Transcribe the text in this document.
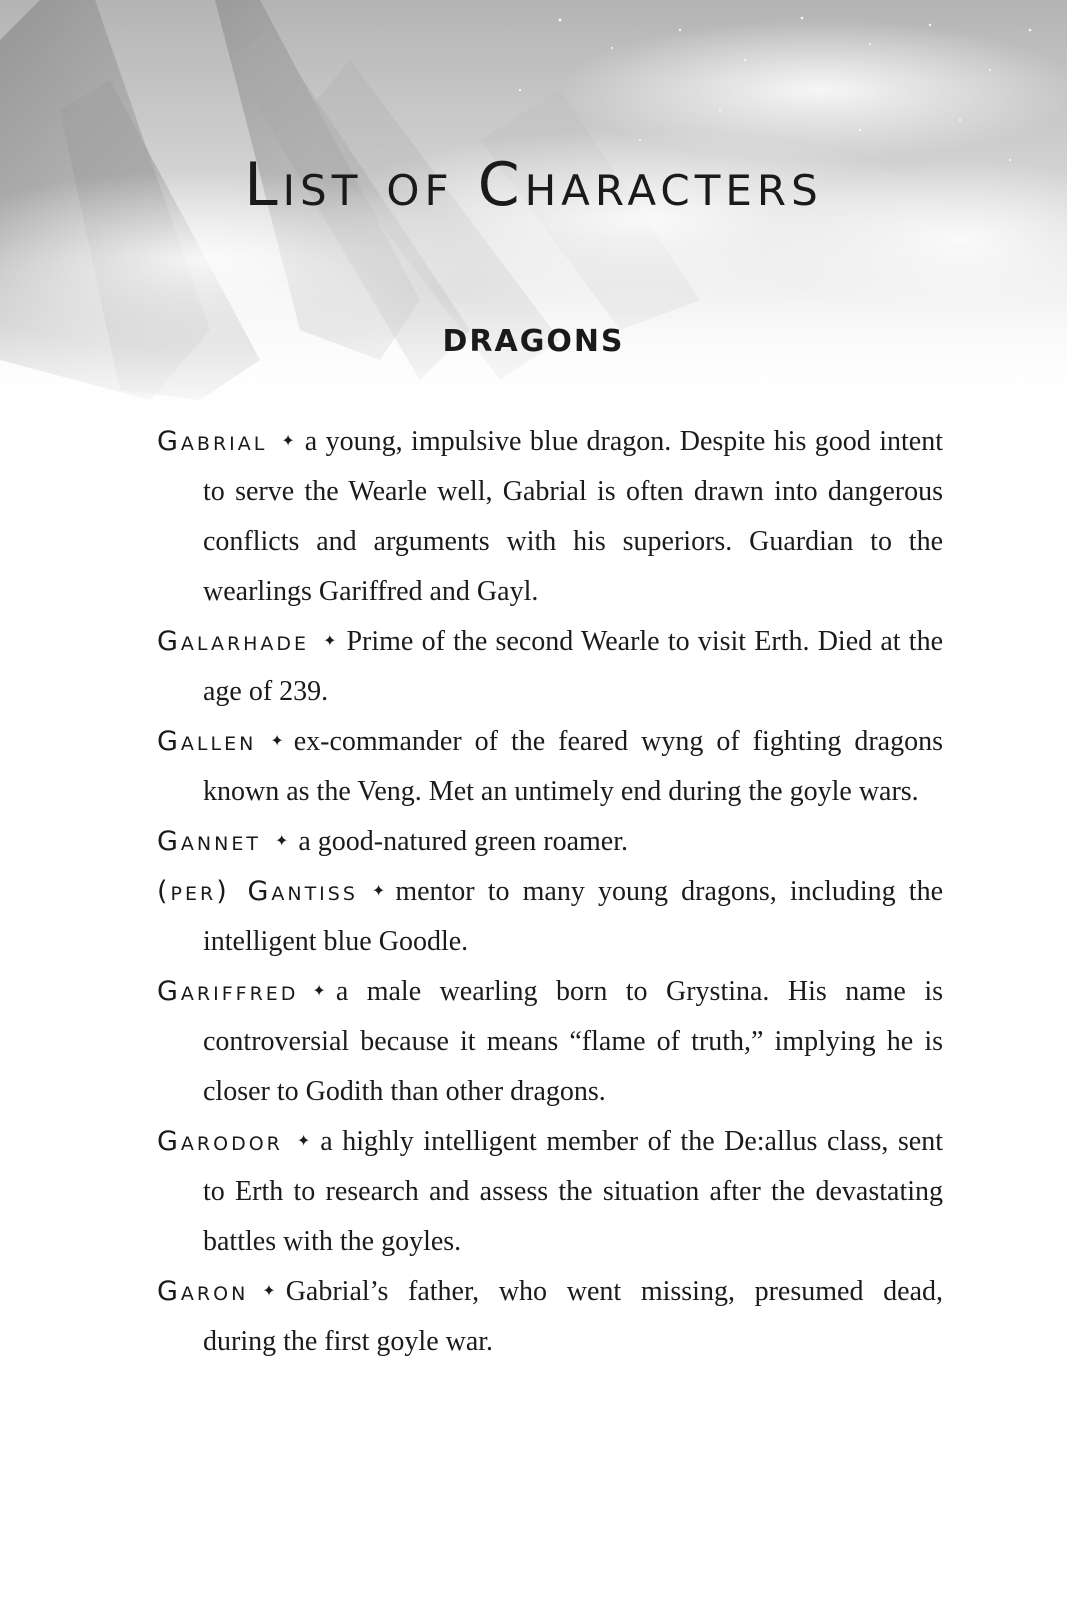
List of Characters
DRAGONS
Gabrial ✦ a young, impulsive blue dragon. Despite his good intent to serve the Wearle well, Gabrial is often drawn into dangerous conflicts and arguments with his superiors. Guardian to the wearlings Gariffred and Gayl.
Galarhade ✦ Prime of the second Wearle to visit Erth. Died at the age of 239.
Gallen ✦ ex-commander of the feared wyng of fighting dragons known as the Veng. Met an untimely end during the goyle wars.
Gannet ✦ a good-natured green roamer.
(per) Gantiss ✦ mentor to many young dragons, including the intelligent blue Goodle.
Gariffred ✦ a male wearling born to Grystina. His name is controversial because it means “flame of truth,” implying he is closer to Godith than other dragons.
Garodor ✦ a highly intelligent member of the De:allus class, sent to Erth to research and assess the situation after the devastating battles with the goyles.
Garon ✦ Gabrial’s father, who went missing, presumed dead, during the first goyle war.
